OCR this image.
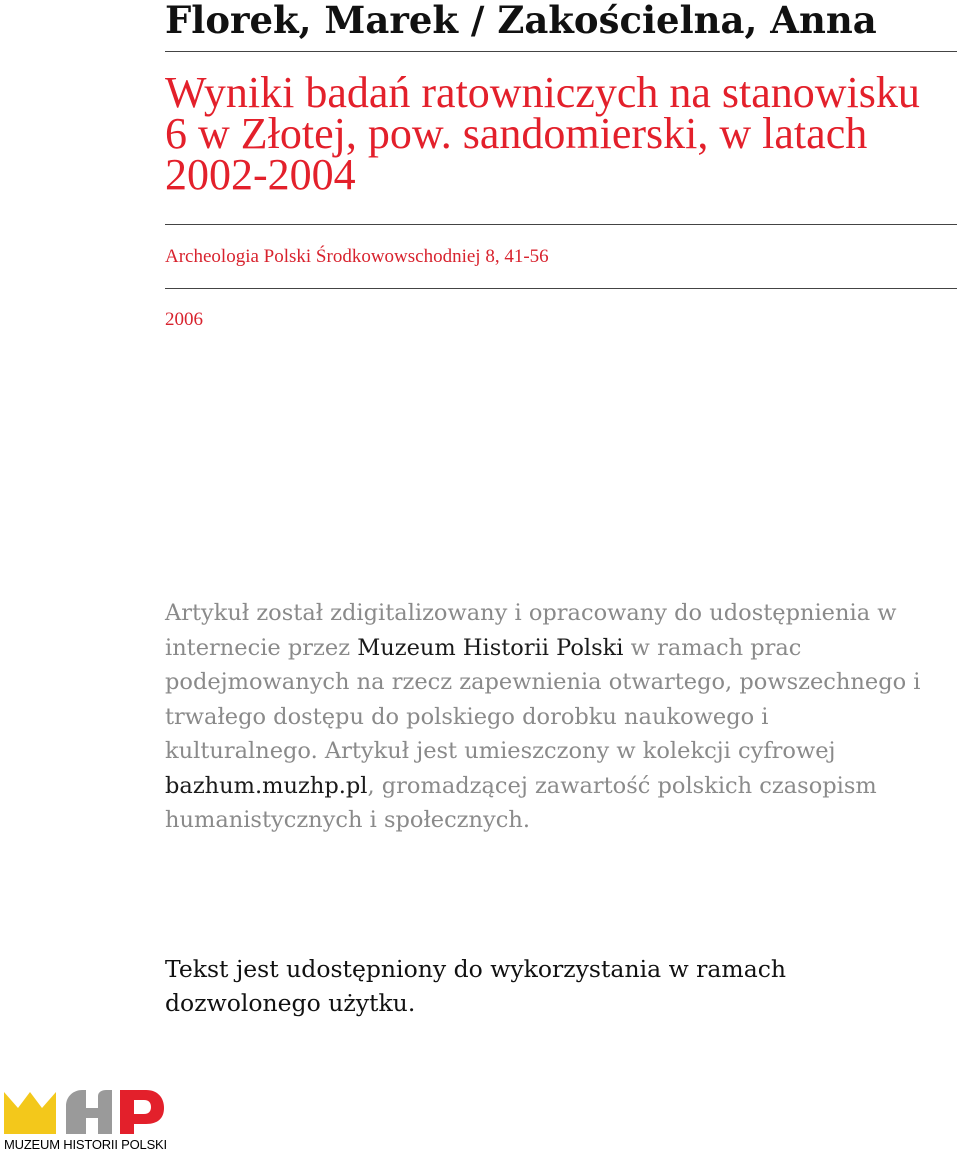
Florek, Marek / Zakościelna, Anna
Wyniki badań ratowniczych na stanowisku 6 w Złotej, pow. sandomierski, w latach 2002-2004
Archeologia Polski Środkowowschodniej 8, 41-56
2006
Artykuł został zdigitalizowany i opracowany do udostępnienia w internecie przez Muzeum Historii Polski w ramach prac podejmowanych na rzecz zapewnienia otwartego, powszechnego i trwałego dostępu do polskiego dorobku naukowego i kulturalnego. Artykuł jest umieszczony w kolekcji cyfrowej bazhum.muzhp.pl, gromadzącej zawartość polskich czasopism humanistycznych i społecznych.
Tekst jest udostępniony do wykorzystania w ramach dozwolonego użytku.
MUZEUM HISTORII POLSKI
